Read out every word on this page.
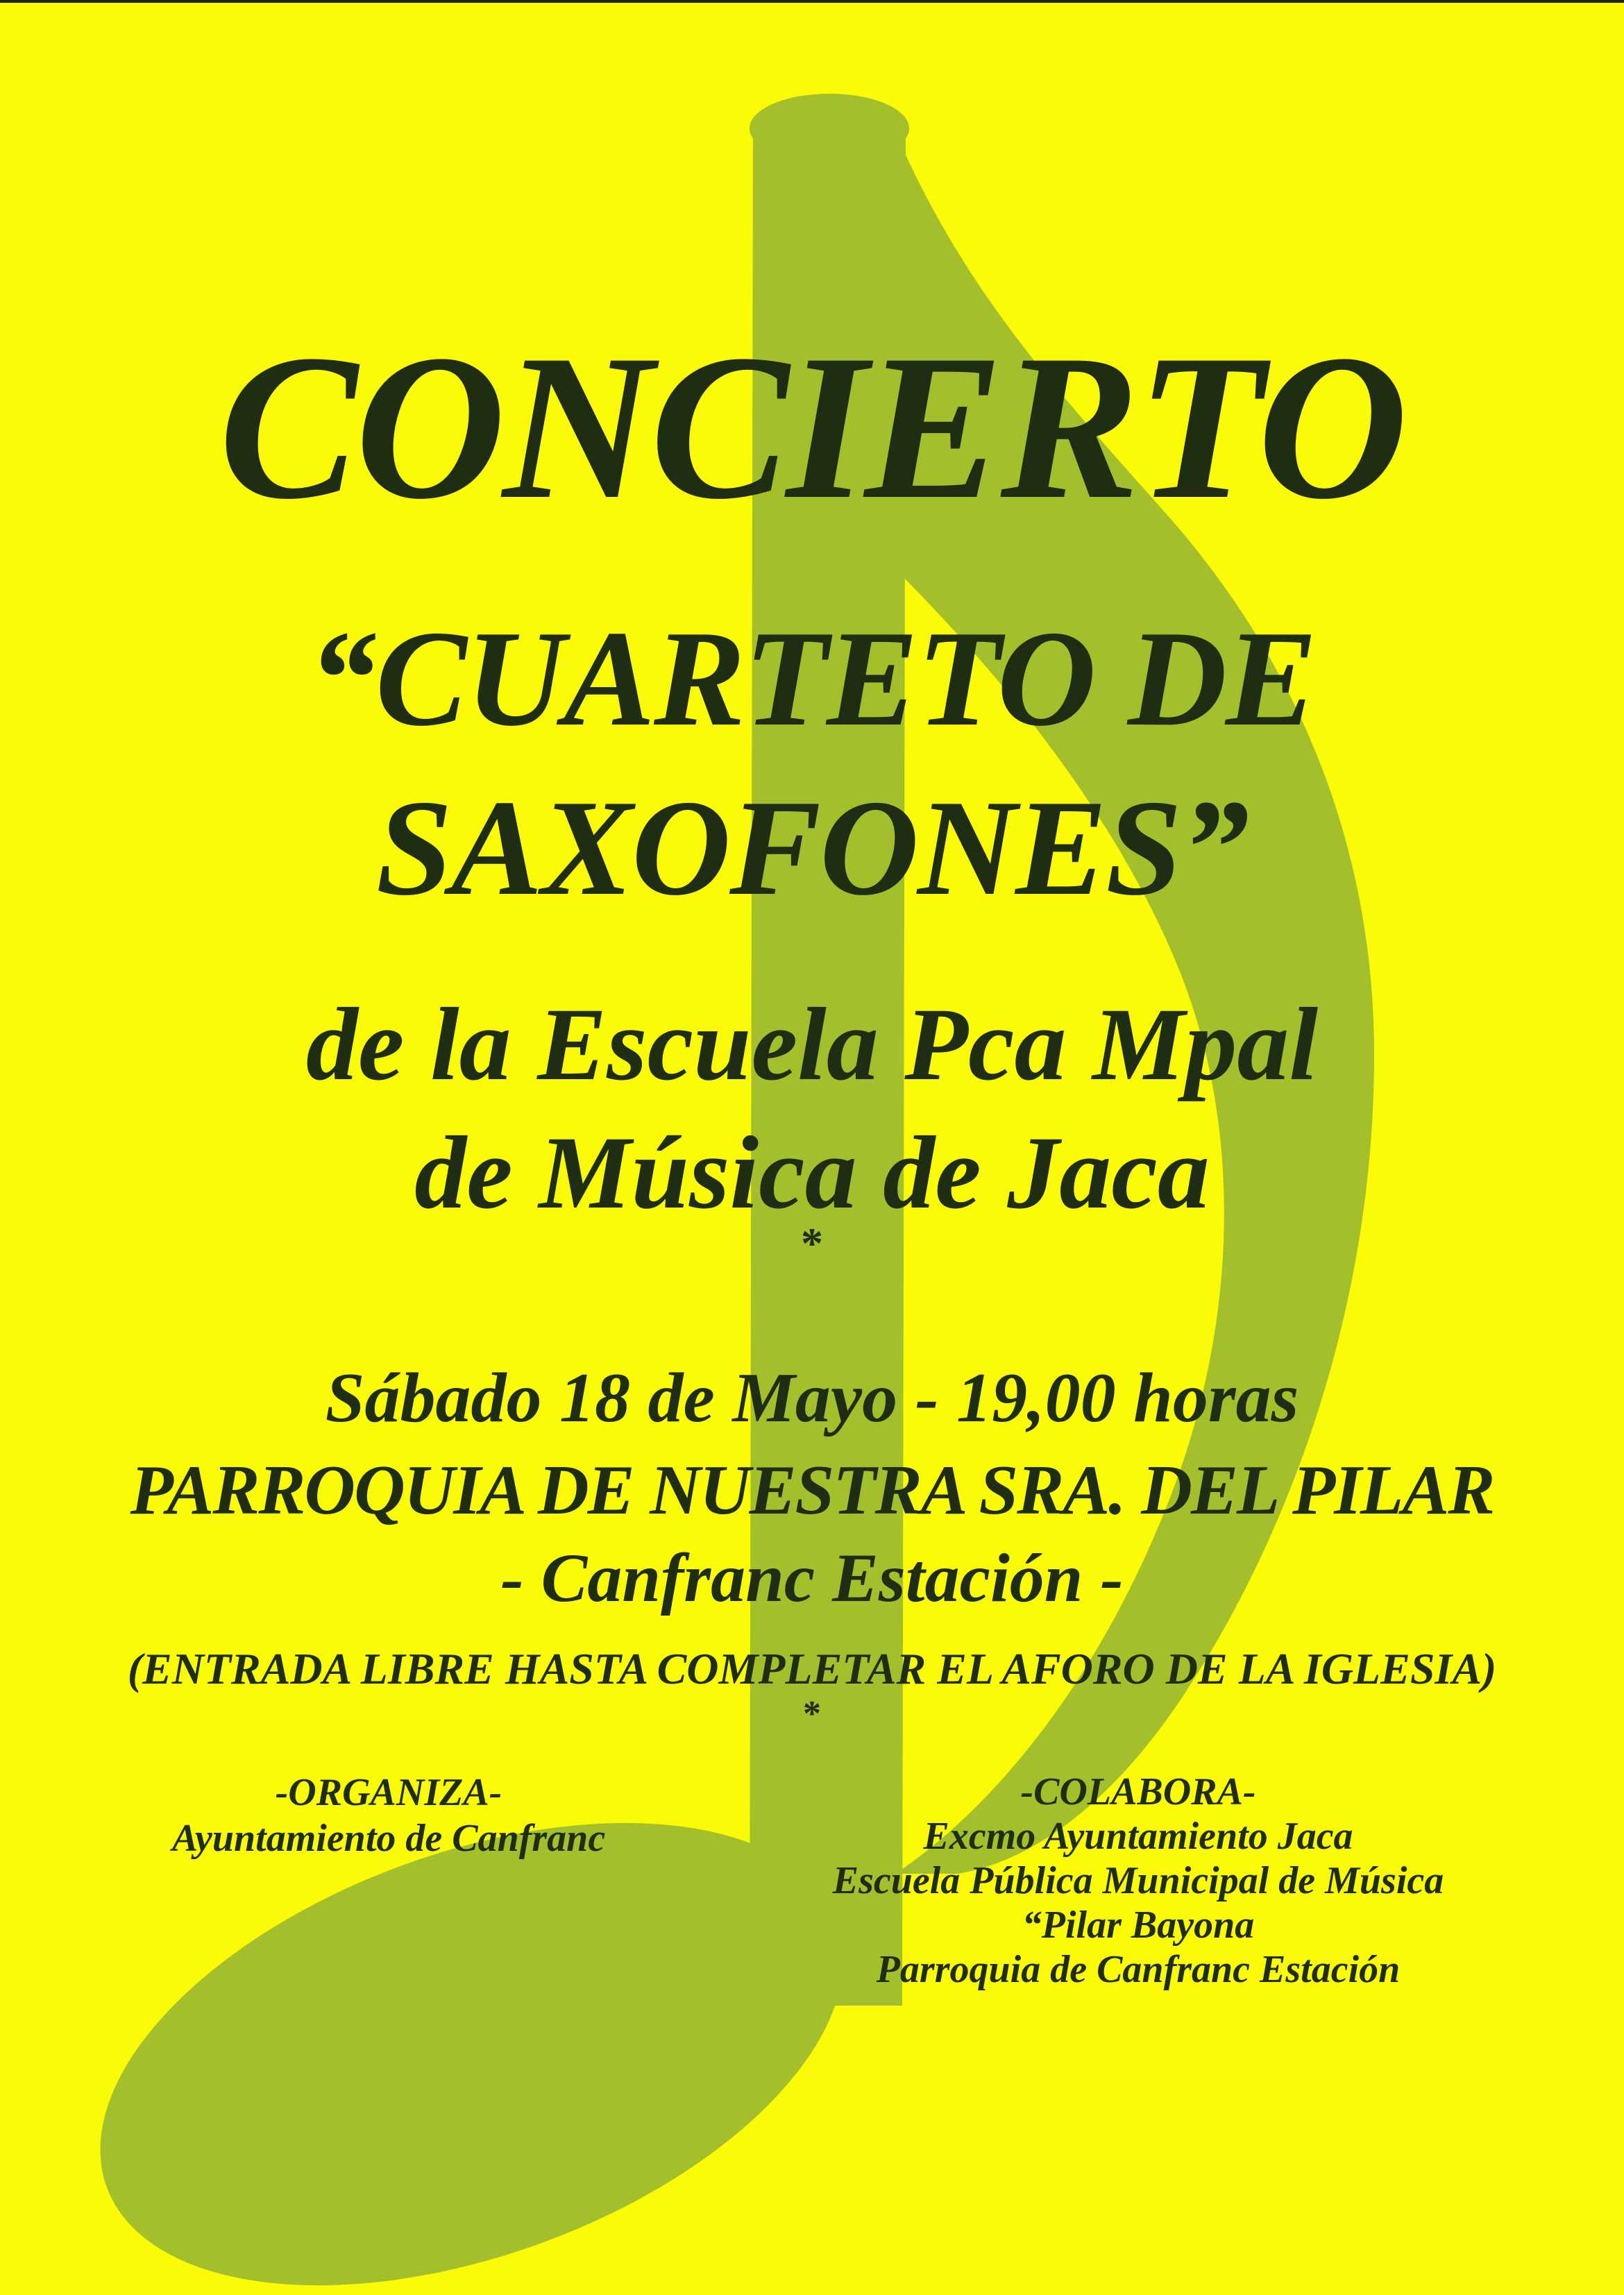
CONCIERTO
“CUARTETO DE
SAXOFONES”
de la Escuela Pca Mpal
de Música de Jaca
*
Sábado 18 de Mayo - 19,00 horas
PARROQUIA DE NUESTRA SRA. DEL PILAR
- Canfranc Estación -
(ENTRADA LIBRE HASTA COMPLETAR EL AFORO DE LA IGLESIA)
*
-ORGANIZA-
Ayuntamiento de Canfranc
-COLABORA-
Excmo Ayuntamiento Jaca
Escuela Pública Municipal de Música
“Pilar Bayona
Parroquia de Canfranc Estación
